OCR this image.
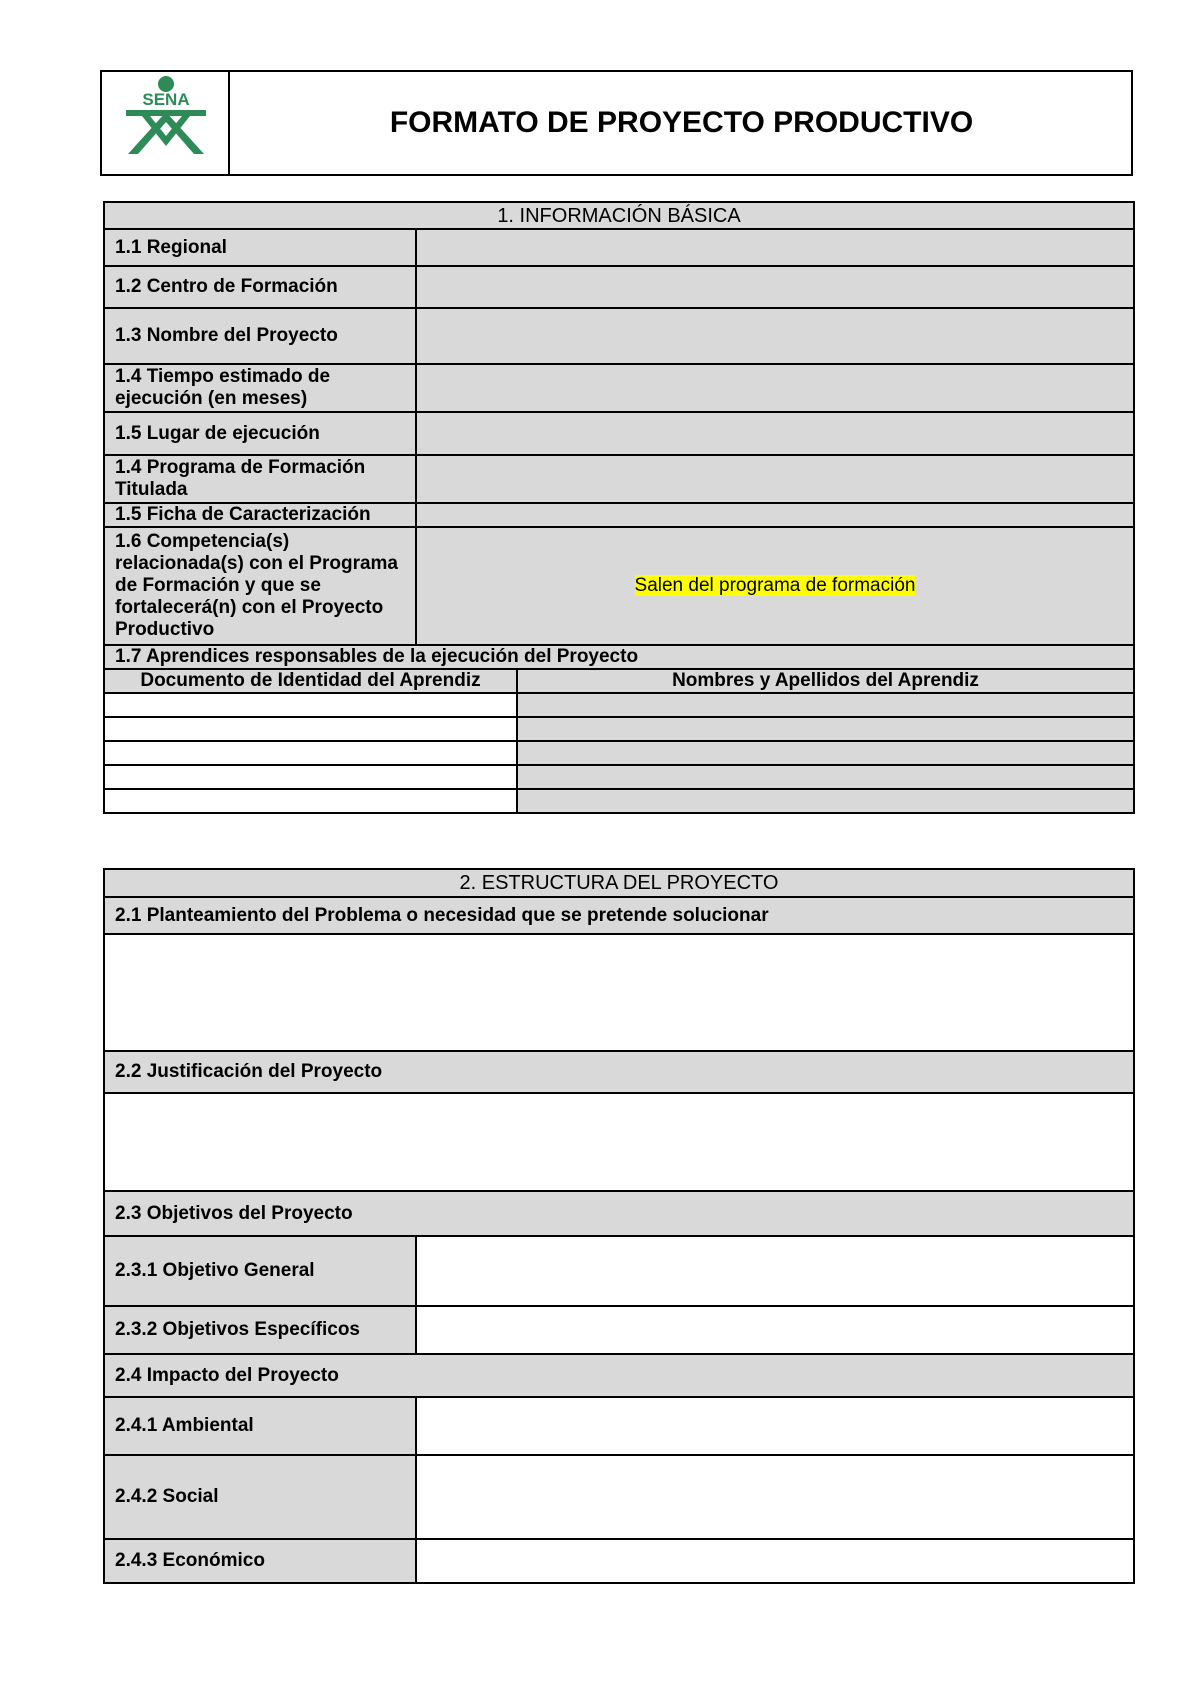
SENA
FORMATO DE PROYECTO PRODUCTIVO
1. INFORMACIÓN BÁSICA		
1.1 Regional		
1.2 Centro de Formación		
1.3 Nombre del Proyecto		
1.4 Tiempo estimado de ejecución (en meses)		
1.5 Lugar de ejecución		
1.4 Programa de Formación Titulada		
1.5 Ficha de Caracterización		
1.6 Competencia(s) relacionada(s) con el Programa de Formación y que se fortalecerá(n) con el Proyecto Productivo	Salen del programa de formación	
1.7 Aprendices responsables de la ejecución del Proyecto		
Documento de Identidad del Aprendiz		Nombres y Apellidos del Aprendiz

2. ESTRUCTURA DEL PROYECTO	
2.1 Planteamiento del Problema o necesidad que se pretende solucionar	

2.2 Justificación del Proyecto	

2.3 Objetivos del Proyecto	
2.3.1 Objetivo General	
2.3.2 Objetivos Específicos	
2.4 Impacto del Proyecto	
2.4.1 Ambiental	
2.4.2 Social	
2.4.3 Económico	
